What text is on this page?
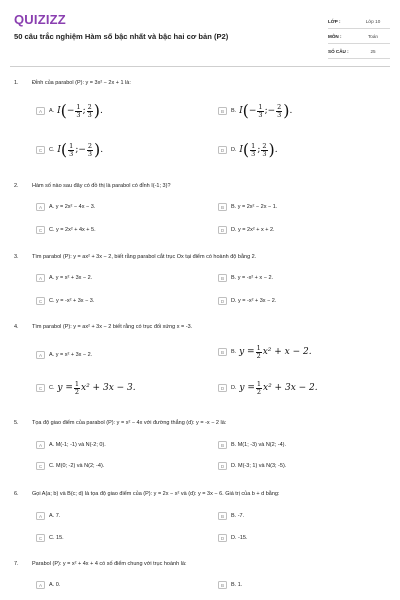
QUIZIZZ
50 câu trắc nghiệm Hàm số bậc nhất và bậc hai cơ bản (P2)
LỚP :	Lớp 10
MÔN :	Toán
SỐ CÂU :	25
1. Đỉnh của parabol (P): y = 3x² − 2x + 1 là:
A	A. I ( − $\frac{1}{3}$ ; $\frac{2}{3}$ ) .	B	B. I ( − $\frac{1}{3}$ ; − $\frac{2}{3}$ ) .
C	C. I ( $\frac{1}{3}$ ; − $\frac{2}{3}$ ) .	D	D. I ( $\frac{1}{3}$ ; $\frac{2}{3}$ ) .
2. Hàm số nào sau đây có đồ thị là parabol có đỉnh I(-1; 3)?
A	A. y = 2x² − 4x − 3.	B	B. y = 2x² − 2x − 1.
C	C. y = 2x² + 4x + 5.	D	D. y = 2x² + x + 2.
3. Tìm parabol (P): y = ax² + 3x − 2, biết rằng parabol cắt trục Ox tại điểm có hoành độ bằng 2.
A	A. y = x² + 3x − 2.	B	B. y = -x² + x − 2.
C	C. y = -x² + 3x − 3.	D	D. y = -x² + 3x − 2.
4. Tìm parabol (P): y = ax² + 3x − 2 biết rằng có trục đối xứng x = -3.
A	A. y = x² + 3x − 2.	B	B.
$y = \frac{1}{2} x^2 + x - 2$.
C	C.
$y = \frac{1}{2} x^2 + 3x - 3$.	D	D.
$y = \frac{1}{2} x^2 + 3x - 2$.
5. Tọa độ giao điểm của parabol (P): y = x² − 4x với đường thẳng (d): y = -x − 2 là:
A	A. M(-1; -1) và N(-2; 0).	B	B. M(1; -3) và N(2; -4).
C	C. M(0; -2) và N(2; -4).	D	D. M(-3; 1) và N(3; -5).
6. Gọi A(a; b) và B(c; d) là tọa độ giao điểm của (P): y = 2x − x² và (d): y = 3x − 6. Giá trị của b + d bằng:
A	A. 7.	B	B. -7.
C	C. 15.	D	D. -15.
7. Parabol (P): y = x² + 4x + 4 có số điểm chung với trục hoành là:
A	A. 0.	B	B. 1.
